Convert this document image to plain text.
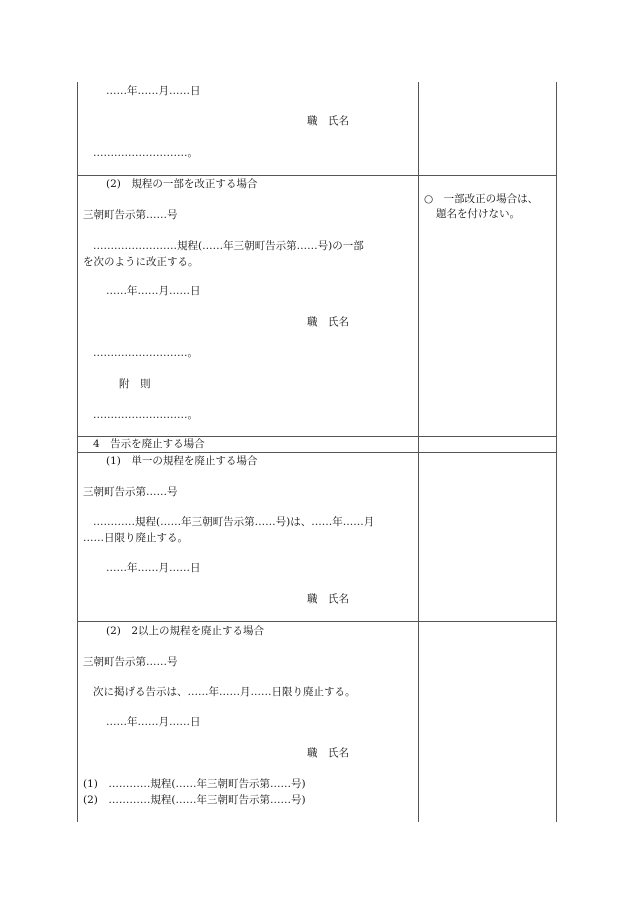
……年……月……日
職　氏名
………………………。
(2)　規程の一部を改正する場合
三朝町告示第……号
……………………規程(……年三朝町告示第……号)の一部
を次のように改正する。
……年……月……日
職　氏名
………………………。
附　則
………………………。
○　一部改正の場合は、
題名を付けない。
4　告示を廃止する場合
(1)　単一の規程を廃止する場合
三朝町告示第……号
…………規程(……年三朝町告示第……号)は、……年……月
……日限り廃止する。
……年……月……日
職　氏名
(2)　2以上の規程を廃止する場合
三朝町告示第……号
次に掲げる告示は、……年……月……日限り廃止する。
……年……月……日
職　氏名
(1)　…………規程(……年三朝町告示第……号)
(2)　…………規程(……年三朝町告示第……号)
